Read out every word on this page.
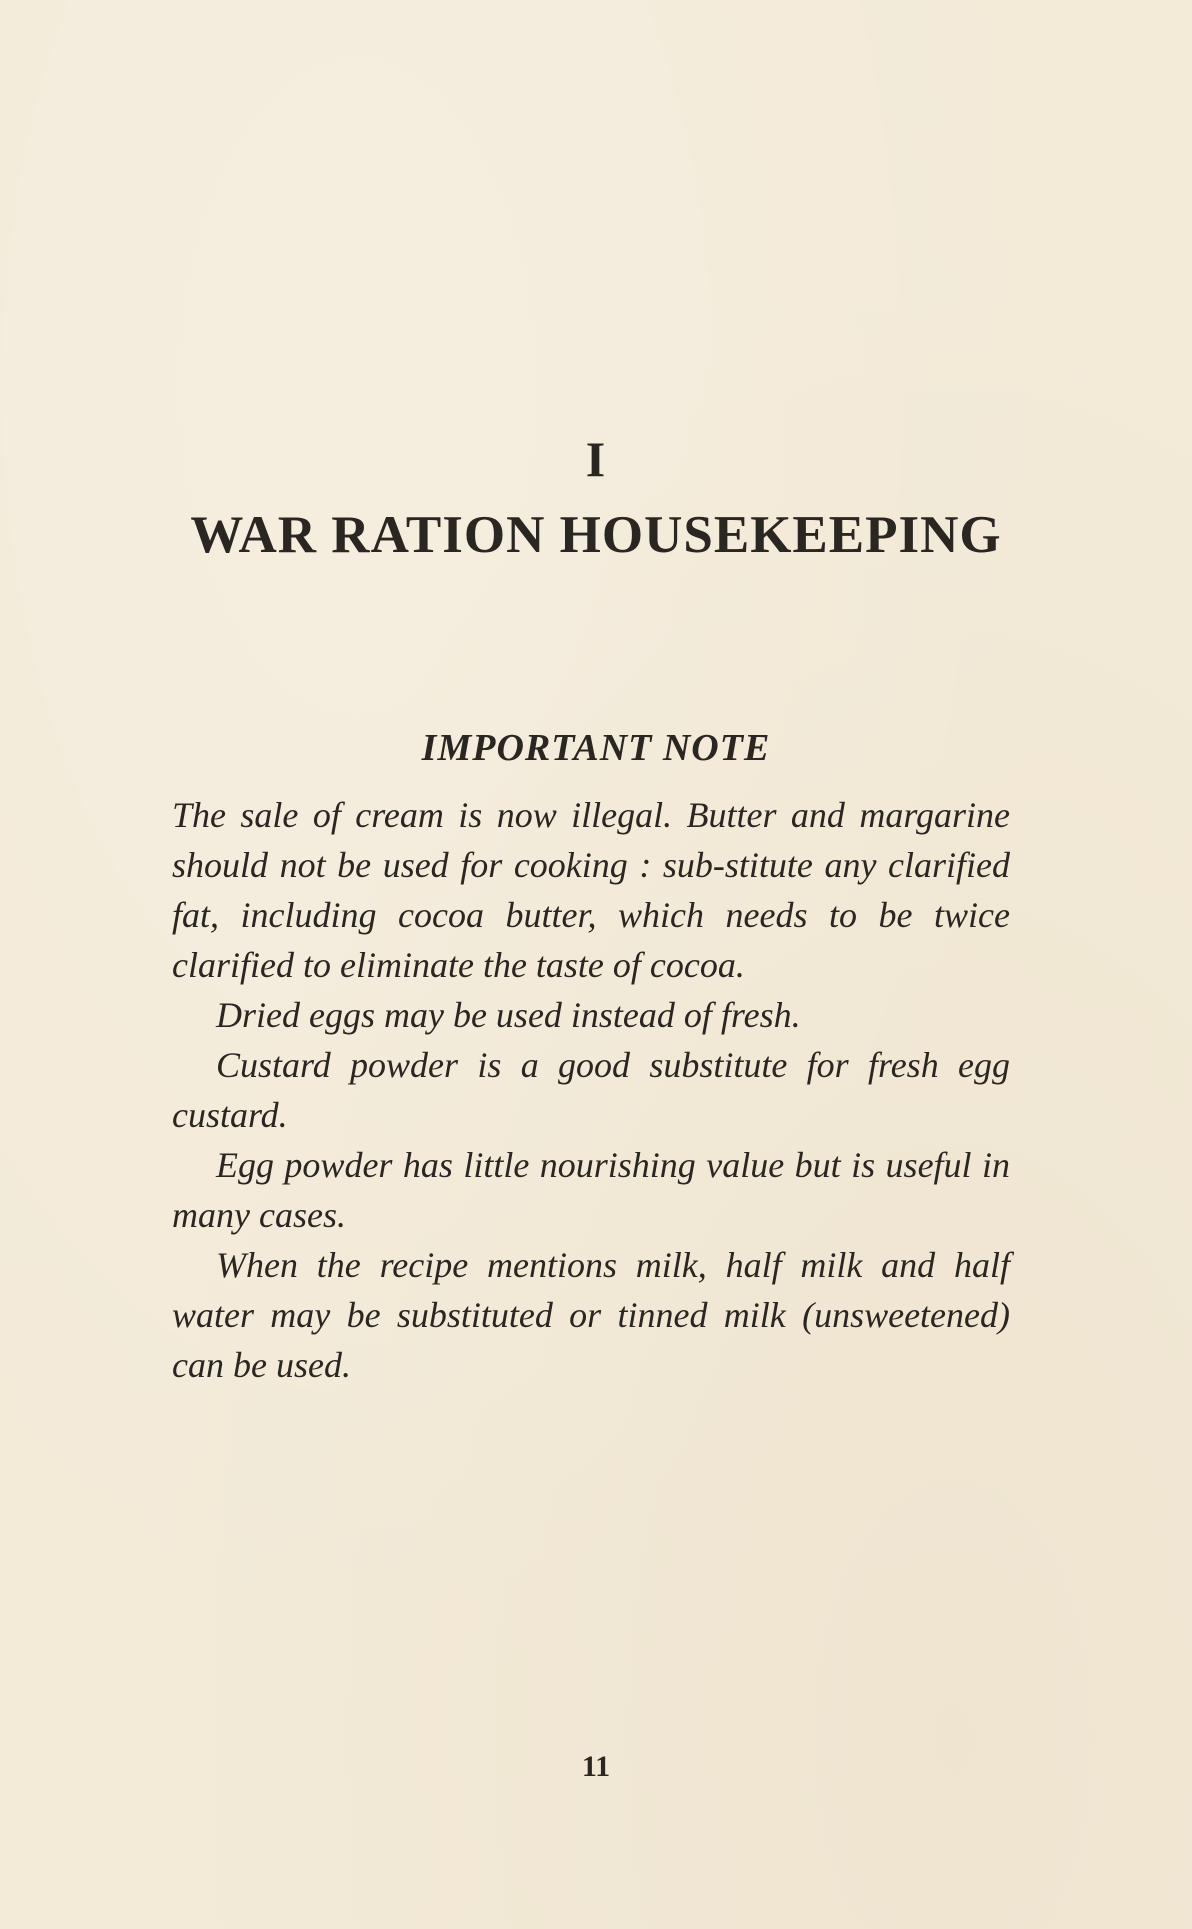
I
WAR RATION HOUSEKEEPING
IMPORTANT NOTE

The sale of cream is now illegal. Butter and margarine should not be used for cooking : sub-stitute any clarified fat, including cocoa butter, which needs to be twice clarified to eliminate the taste of cocoa.

Dried eggs may be used instead of fresh.

Custard powder is a good substitute for fresh egg custard.

Egg powder has little nourishing value but is useful in many cases.

When the recipe mentions milk, half milk and half water may be substituted or tinned milk (unsweetened) can be used.

11
